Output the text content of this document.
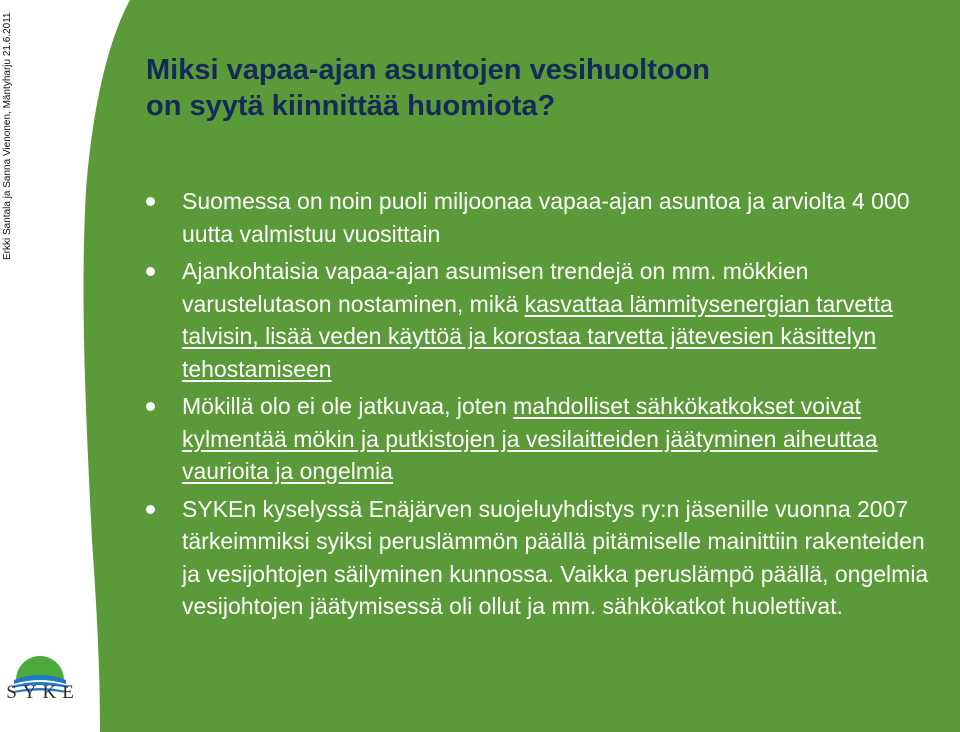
Erkki Santala ja Sanna Vienonen, Mäntyharju 21.6.2011	Miksi vapaa-ajan asuntojen vesihuoltoon
on syytä kiinnittää huomiota?
Suomessa on noin puoli miljoonaa vapaa-ajan asuntoa ja arviolta 4 000 uutta valmistuu vuosittain
Ajankohtaisia vapaa-ajan asumisen trendejä on mm. mökkien varustelutason nostaminen, mikä kasvattaa lämmitysenergian tarvetta talvisin, lisää veden käyttöä ja korostaa tarvetta jätevesien käsittelyn tehostamiseen
Mökillä olo ei ole jatkuvaa, joten mahdolliset sähkökatkokset voivat kylmentää mökin ja putkistojen ja vesilaitteiden jäätyminen aiheuttaa vaurioita ja ongelmia
SYKEn kyselyssä Enäjärven suojeluyhdistys ry:n jäsenille vuonna 2007 tärkeimmiksi syiksi peruslämmön päällä pitämiselle mainittiin rakenteiden ja vesijohtojen säilyminen kunnossa. Vaikka peruslämpö päällä, ongelmia vesijohtojen jäätymisessä oli ollut ja mm. sähkökatkot huolettivat.
SYKE
